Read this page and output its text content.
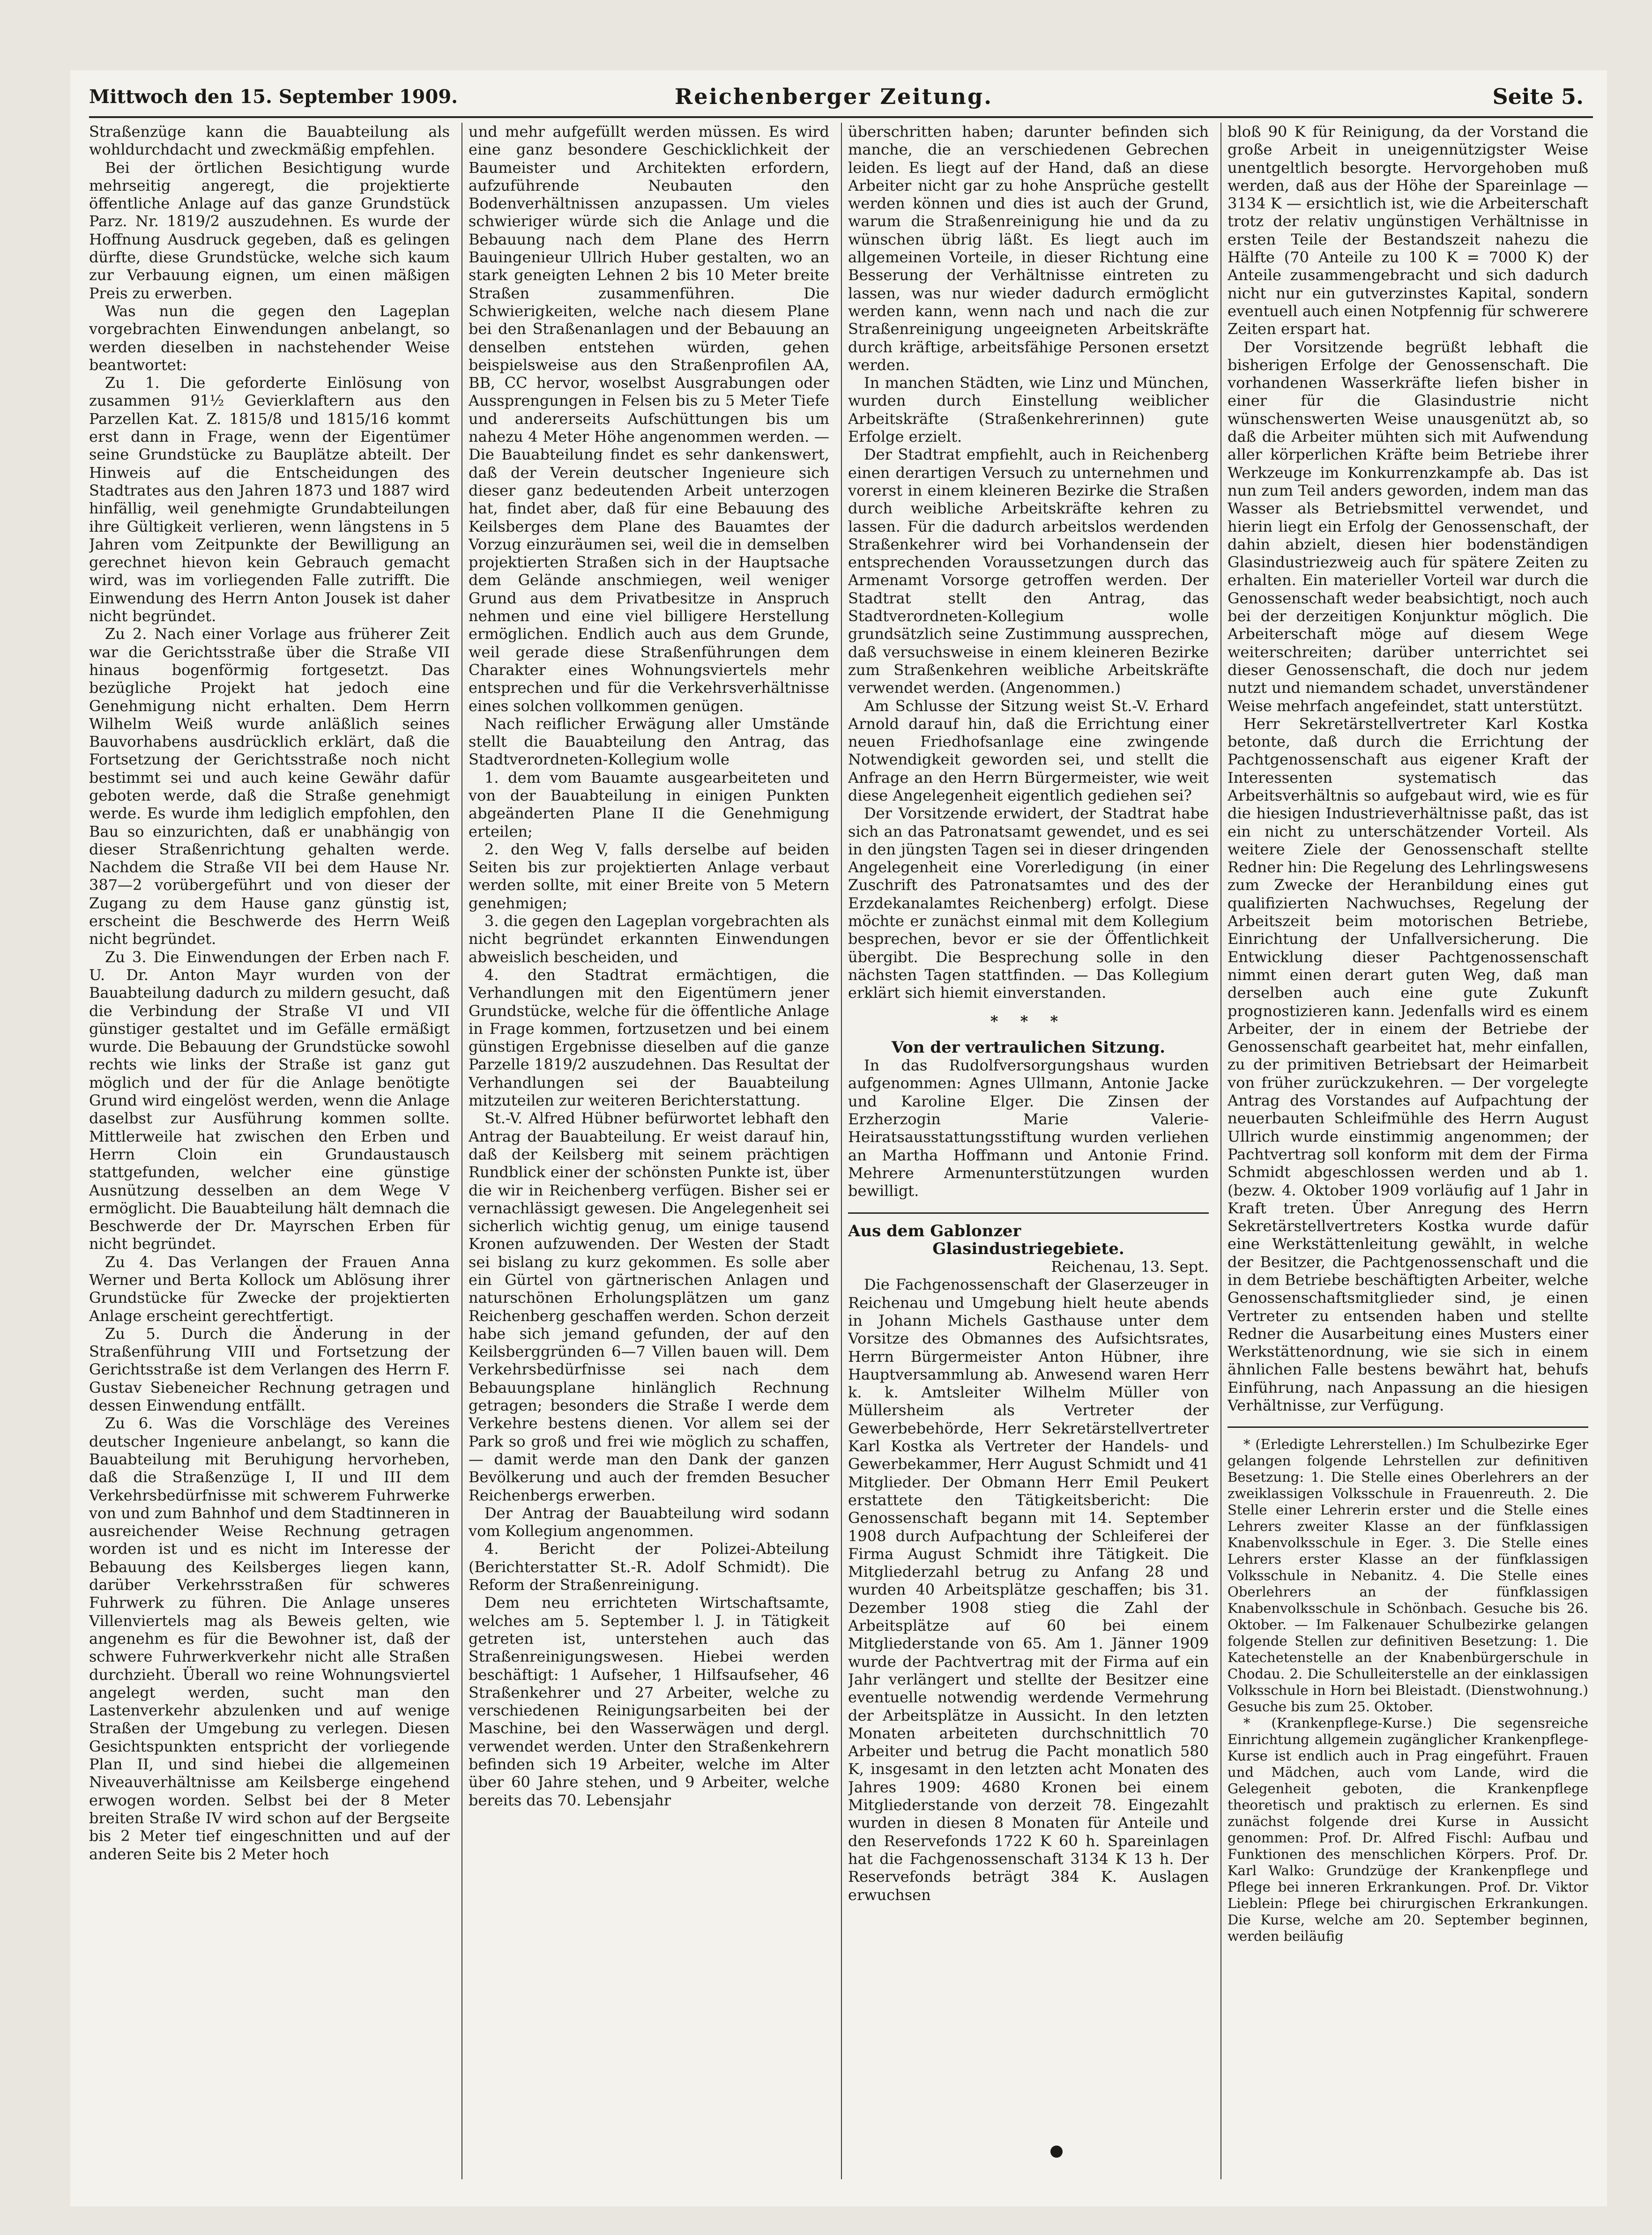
Mittwoch den 15. September 1909.	Reichenberger Zeitung.	Seite 5.

Straßenzüge kann die Bauabteilung als wohldurchdacht und zweckmäßig empfehlen.

Bei der örtlichen Besichtigung wurde mehrseitig angeregt, die projektierte öffentliche Anlage auf das ganze Grundstück Parz. Nr. 1819/2 auszudehnen. Es wurde der Hoffnung Ausdruck gegeben, daß es gelingen dürfte, diese Grundstücke, welche sich kaum zur Verbauung eignen, um einen mäßigen Preis zu erwerben.

Was nun die gegen den Lageplan vorgebrachten Einwendungen anbelangt, so werden dieselben in nachstehender Weise beantwortet:

Zu 1. Die geforderte Einlösung von zusammen 91½ Gevierklaftern aus den Parzellen Kat. Z. 1815/8 und 1815/16 kommt erst dann in Frage, wenn der Eigentümer seine Grundstücke zu Bauplätze abteilt. Der Hinweis auf die Entscheidungen des Stadtrates aus den Jahren 1873 und 1887 wird hinfällig, weil genehmigte Grundabteilungen ihre Gültigkeit verlieren, wenn längstens in 5 Jahren vom Zeitpunkte der Bewilligung an gerechnet hievon kein Gebrauch gemacht wird, was im vorliegenden Falle zutrifft. Die Einwendung des Herrn Anton Jousek ist daher nicht begründet.

Zu 2. Nach einer Vorlage aus früherer Zeit war die Gerichtsstraße über die Straße VII hinaus bogenförmig fortgesetzt. Das bezügliche Projekt hat jedoch eine Genehmigung nicht erhalten. Dem Herrn Wilhelm Weiß wurde anläßlich seines Bauvorhabens ausdrücklich erklärt, daß die Fortsetzung der Gerichtsstraße noch nicht bestimmt sei und auch keine Gewähr dafür geboten werde, daß die Straße genehmigt werde. Es wurde ihm lediglich empfohlen, den Bau so einzurichten, daß er unabhängig von dieser Straßenrichtung gehalten werde. Nachdem die Straße VII bei dem Hause Nr. 387—2 vorübergeführt und von dieser der Zugang zu dem Hause ganz günstig ist, erscheint die Beschwerde des Herrn Weiß nicht begründet.

Zu 3. Die Einwendungen der Erben nach F. U. Dr. Anton Mayr wurden von der Bauabteilung dadurch zu mildern gesucht, daß die Verbindung der Straße VI und VII günstiger gestaltet und im Gefälle ermäßigt wurde. Die Bebauung der Grundstücke sowohl rechts wie links der Straße ist ganz gut möglich und der für die Anlage benötigte Grund wird eingelöst werden, wenn die Anlage daselbst zur Ausführung kommen sollte. Mittlerweile hat zwischen den Erben und Herrn Cloin ein Grundaustausch stattgefunden, welcher eine günstige Ausnützung desselben an dem Wege V ermöglicht. Die Bauabteilung hält demnach die Beschwerde der Dr. Mayrschen Erben für nicht begründet.

Zu 4. Das Verlangen der Frauen Anna Werner und Berta Kollock um Ablösung ihrer Grundstücke für Zwecke der projektierten Anlage erscheint gerechtfertigt.

Zu 5. Durch die Änderung in der Straßenführung VIII und Fortsetzung der Gerichtsstraße ist dem Verlangen des Herrn F. Gustav Siebeneicher Rechnung getragen und dessen Einwendung entfällt.

Zu 6. Was die Vorschläge des Vereines deutscher Ingenieure anbelangt, so kann die Bauabteilung mit Beruhigung hervorheben, daß die Straßenzüge I, II und III dem Verkehrsbedürfnisse mit schwerem Fuhrwerke von und zum Bahnhof und dem Stadtinneren in ausreichender Weise Rechnung getragen worden ist und es nicht im Interesse der Bebauung des Keilsberges liegen kann, darüber Verkehrsstraßen für schweres Fuhrwerk zu führen. Die Anlage unseres Villenviertels mag als Beweis gelten, wie angenehm es für die Bewohner ist, daß der schwere Fuhrwerkverkehr nicht alle Straßen durchzieht. Überall wo reine Wohnungsviertel angelegt werden, sucht man den Lastenverkehr abzulenken und auf wenige Straßen der Umgebung zu verlegen. Diesen Gesichtspunkten entspricht der vorliegende Plan II, und sind hiebei die allgemeinen Niveauverhältnisse am Keilsberge eingehend erwogen worden. Selbst bei der 8 Meter breiten Straße IV wird schon auf der Bergseite bis 2 Meter tief eingeschnitten und auf der anderen Seite bis 2 Meter hoch

und mehr aufgefüllt werden müssen. Es wird eine ganz besondere Geschicklichkeit der Baumeister und Architekten erfordern, aufzuführende Neubauten den Bodenverhältnissen anzupassen. Um vieles schwieriger würde sich die Anlage und die Bebauung nach dem Plane des Herrn Bauingenieur Ullrich Huber gestalten, wo an stark geneigten Lehnen 2 bis 10 Meter breite Straßen zusammenführen. Die Schwierigkeiten, welche nach diesem Plane bei den Straßenanlagen und der Bebauung an denselben entstehen würden, gehen beispielsweise aus den Straßenprofilen AA, BB, CC hervor, woselbst Ausgrabungen oder Aussprengungen in Felsen bis zu 5 Meter Tiefe und andererseits Aufschüttungen bis um nahezu 4 Meter Höhe angenommen werden. — Die Bauabteilung findet es sehr dankenswert, daß der Verein deutscher Ingenieure sich dieser ganz bedeutenden Arbeit unterzogen hat, findet aber, daß für eine Bebauung des Keilsberges dem Plane des Bauamtes der Vorzug einzuräumen sei, weil die in demselben projektierten Straßen sich in der Hauptsache dem Gelände anschmiegen, weil weniger Grund aus dem Privatbesitze in Anspruch nehmen und eine viel billigere Herstellung ermöglichen. Endlich auch aus dem Grunde, weil gerade diese Straßenführungen dem Charakter eines Wohnungsviertels mehr entsprechen und für die Verkehrsverhältnisse eines solchen vollkommen genügen.

Nach reiflicher Erwägung aller Umstände stellt die Bauabteilung den Antrag, das Stadtverordneten-Kollegium wolle

1. dem vom Bauamte ausgearbeiteten und von der Bauabteilung in einigen Punkten abgeänderten Plane II die Genehmigung erteilen;

2. den Weg V, falls derselbe auf beiden Seiten bis zur projektierten Anlage verbaut werden sollte, mit einer Breite von 5 Metern genehmigen;

3. die gegen den Lageplan vorgebrachten als nicht begründet erkannten Einwendungen abweislich bescheiden, und

4. den Stadtrat ermächtigen, die Verhandlungen mit den Eigentümern jener Grundstücke, welche für die öffentliche Anlage in Frage kommen, fortzusetzen und bei einem günstigen Ergebnisse dieselben auf die ganze Parzelle 1819/2 auszudehnen. Das Resultat der Verhandlungen sei der Bauabteilung mitzuteilen zur weiteren Berichterstattung.

St.-V. Alfred Hübner befürwortet lebhaft den Antrag der Bauabteilung. Er weist darauf hin, daß der Keilsberg mit seinem prächtigen Rundblick einer der schönsten Punkte ist, über die wir in Reichenberg verfügen. Bisher sei er vernachlässigt gewesen. Die Angelegenheit sei sicherlich wichtig genug, um einige tausend Kronen aufzuwenden. Der Westen der Stadt sei bislang zu kurz gekommen. Es solle aber ein Gürtel von gärtnerischen Anlagen und naturschönen Erholungsplätzen um ganz Reichenberg geschaffen werden. Schon derzeit habe sich jemand gefunden, der auf den Keilsberggründen 6—7 Villen bauen will. Dem Verkehrsbedürfnisse sei nach dem Bebauungsplane hinlänglich Rechnung getragen; besonders die Straße I werde dem Verkehre bestens dienen. Vor allem sei der Park so groß und frei wie möglich zu schaffen, — damit werde man den Dank der ganzen Bevölkerung und auch der fremden Besucher Reichenbergs erwerben.

Der Antrag der Bauabteilung wird sodann vom Kollegium angenommen.

4. Bericht der Polizei-Abteilung (Berichterstatter St.-R. Adolf Schmidt). Die Reform der Straßenreinigung.

Dem neu errichteten Wirtschaftsamte, welches am 5. September l. J. in Tätigkeit getreten ist, unterstehen auch das Straßenreinigungswesen. Hiebei werden beschäftigt: 1 Aufseher, 1 Hilfsaufseher, 46 Straßenkehrer und 27 Arbeiter, welche zu verschiedenen Reinigungsarbeiten bei der Maschine, bei den Wasserwägen und dergl. verwendet werden. Unter den Straßenkehrern befinden sich 19 Arbeiter, welche im Alter über 60 Jahre stehen, und 9 Arbeiter, welche bereits das 70. Lebensjahr

überschritten haben; darunter befinden sich manche, die an verschiedenen Gebrechen leiden. Es liegt auf der Hand, daß an diese Arbeiter nicht gar zu hohe Ansprüche gestellt werden können und dies ist auch der Grund, warum die Straßenreinigung hie und da zu wünschen übrig läßt. Es liegt auch im allgemeinen Vorteile, in dieser Richtung eine Besserung der Verhältnisse eintreten zu lassen, was nur wieder dadurch ermöglicht werden kann, wenn nach und nach die zur Straßenreinigung ungeeigneten Arbeitskräfte durch kräftige, arbeitsfähige Personen ersetzt werden.

In manchen Städten, wie Linz und München, wurden durch Einstellung weiblicher Arbeitskräfte (Straßenkehrerinnen) gute Erfolge erzielt.

Der Stadtrat empfiehlt, auch in Reichenberg einen derartigen Versuch zu unternehmen und vorerst in einem kleineren Bezirke die Straßen durch weibliche Arbeitskräfte kehren zu lassen. Für die dadurch arbeitslos werdenden Straßenkehrer wird bei Vorhandensein der entsprechenden Voraussetzungen durch das Armenamt Vorsorge getroffen werden. Der Stadtrat stellt den Antrag, das Stadtverordneten-Kollegium wolle grundsätzlich seine Zustimmung aussprechen, daß versuchsweise in einem kleineren Bezirke zum Straßenkehren weibliche Arbeitskräfte verwendet werden. (Angenommen.)

Am Schlusse der Sitzung weist St.-V. Erhard Arnold darauf hin, daß die Errichtung einer neuen Friedhofsanlage eine zwingende Notwendigkeit geworden sei, und stellt die Anfrage an den Herrn Bürgermeister, wie weit diese Angelegenheit eigentlich gediehen sei?

Der Vorsitzende erwidert, der Stadtrat habe sich an das Patronatsamt gewendet, und es sei in den jüngsten Tagen sei in dieser dringenden Angelegenheit eine Vorerledigung (in einer Zuschrift des Patronatsamtes und des der Erzdekanalamtes Reichenberg) erfolgt. Diese möchte er zunächst einmal mit dem Kollegium besprechen, bevor er sie der Öffentlichkeit übergibt. Die Besprechung solle in den nächsten Tagen stattfinden. — Das Kollegium erklärt sich hiemit einverstanden.

* * *

Von der vertraulichen Sitzung.

In das Rudolfversorgungshaus wurden aufgenommen: Agnes Ullmann, Antonie Jacke und Karoline Elger. Die Zinsen der Erzherzogin Marie Valerie-Heiratsausstattungsstiftung wurden verliehen an Martha Hoffmann und Antonie Frind. Mehrere Armenunterstützungen wurden bewilligt.

Aus dem Gablonzer

Glasindustriegebiete.

Reichenau, 13. Sept.

Die Fachgenossenschaft der Glaserzeuger in Reichenau und Umgebung hielt heute abends in Johann Michels Gasthause unter dem Vorsitze des Obmannes des Aufsichtsrates, Herrn Bürgermeister Anton Hübner, ihre Hauptversammlung ab. Anwesend waren Herr k. k. Amtsleiter Wilhelm Müller von Müllersheim als Vertreter der Gewerbebehörde, Herr Sekretärstellvertreter Karl Kostka als Vertreter der Handels- und Gewerbekammer, Herr August Schmidt und 41 Mitglieder. Der Obmann Herr Emil Peukert erstattete den Tätigkeitsbericht: Die Genossenschaft begann mit 14. September 1908 durch Aufpachtung der Schleiferei der Firma August Schmidt ihre Tätigkeit. Die Mitgliederzahl betrug zu Anfang 28 und wurden 40 Arbeitsplätze geschaffen; bis 31. Dezember 1908 stieg die Zahl der Arbeitsplätze auf 60 bei einem Mitgliederstande von 65. Am 1. Jänner 1909 wurde der Pachtvertrag mit der Firma auf ein Jahr verlängert und stellte der Besitzer eine eventuelle notwendig werdende Vermehrung der Arbeitsplätze in Aussicht. In den letzten Monaten arbeiteten durchschnittlich 70 Arbeiter und betrug die Pacht monatlich 580 K, insgesamt in den letzten acht Monaten des Jahres 1909: 4680 Kronen bei einem Mitgliederstande von derzeit 78. Eingezahlt wurden in diesen 8 Monaten für Anteile und den Reservefonds 1722 K 60 h. Spareinlagen hat die Fachgenossenschaft 3134 K 13 h. Der Reservefonds beträgt 384 K. Auslagen erwuchsen

bloß 90 K für Reinigung, da der Vorstand die große Arbeit in uneigennützigster Weise unentgeltlich besorgte. Hervorgehoben muß werden, daß aus der Höhe der Spareinlage — 3134 K — ersichtlich ist, wie die Arbeiterschaft trotz der relativ ungünstigen Verhältnisse in ersten Teile der Bestandszeit nahezu die Hälfte (70 Anteile zu 100 K = 7000 K) der Anteile zusammengebracht und sich dadurch nicht nur ein gutverzinstes Kapital, sondern eventuell auch einen Notpfennig für schwerere Zeiten erspart hat.

Der Vorsitzende begrüßt lebhaft die bisherigen Erfolge der Genossenschaft. Die vorhandenen Wasserkräfte liefen bisher in einer für die Glasindustrie nicht wünschenswerten Weise unausgenützt ab, so daß die Arbeiter mühten sich mit Aufwendung aller körperlichen Kräfte beim Betriebe ihrer Werkzeuge im Konkurrenzkampfe ab. Das ist nun zum Teil anders geworden, indem man das Wasser als Betriebsmittel verwendet, und hierin liegt ein Erfolg der Genossenschaft, der dahin abzielt, diesen hier bodenständigen Glasindustriezweig auch für spätere Zeiten zu erhalten. Ein materieller Vorteil war durch die Genossenschaft weder beabsichtigt, noch auch bei der derzeitigen Konjunktur möglich. Die Arbeiterschaft möge auf diesem Wege weiterschreiten; darüber unterrichtet sei dieser Genossenschaft, die doch nur jedem nutzt und niemandem schadet, unverständener Weise mehrfach angefeindet, statt unterstützt.

Herr Sekretärstellvertreter Karl Kostka betonte, daß durch die Errichtung der Pachtgenossenschaft aus eigener Kraft der Interessenten systematisch das Arbeitsverhältnis so aufgebaut wird, wie es für die hiesigen Industrieverhältnisse paßt, das ist ein nicht zu unterschätzender Vorteil. Als weitere Ziele der Genossenschaft stellte Redner hin: Die Regelung des Lehrlingswesens zum Zwecke der Heranbildung eines gut qualifizierten Nachwuchses, Regelung der Arbeitszeit beim motorischen Betriebe, Einrichtung der Unfallversicherung. Die Entwicklung dieser Pachtgenossenschaft nimmt einen derart guten Weg, daß man derselben auch eine gute Zukunft prognostizieren kann. Jedenfalls wird es einem Arbeiter, der in einem der Betriebe der Genossenschaft gearbeitet hat, mehr einfallen, zu der primitiven Betriebsart der Heimarbeit von früher zurückzukehren. — Der vorgelegte Antrag des Vorstandes auf Aufpachtung der neuerbauten Schleifmühle des Herrn August Ullrich wurde einstimmig angenommen; der Pachtvertrag soll konform mit dem der Firma Schmidt abgeschlossen werden und ab 1. (bezw. 4. Oktober 1909 vorläufig auf 1 Jahr in Kraft treten. Über Anregung des Herrn Sekretärstellvertreters Kostka wurde dafür eine Werkstättenleitung gewählt, in welche der Besitzer, die Pachtgenossenschaft und die in dem Betriebe beschäftigten Arbeiter, welche Genossenschaftsmitglieder sind, je einen Vertreter zu entsenden haben und stellte Redner die Ausarbeitung eines Musters einer Werkstättenordnung, wie sie sich in einem ähnlichen Falle bestens bewährt hat, behufs Einführung, nach Anpassung an die hiesigen Verhältnisse, zur Verfügung.

* (Erledigte Lehrerstellen.) Im Schulbezirke Eger gelangen folgende Lehrstellen zur definitiven Besetzung: 1. Die Stelle eines Oberlehrers an der zweiklassigen Volksschule in Frauenreuth. 2. Die Stelle einer Lehrerin erster und die Stelle eines Lehrers zweiter Klasse an der fünfklassigen Knabenvolksschule in Eger. 3. Die Stelle eines Lehrers erster Klasse an der fünfklassigen Volksschule in Nebanitz. 4. Die Stelle eines Oberlehrers an der fünfklassigen Knabenvolksschule in Schönbach. Gesuche bis 26. Oktober. — Im Falkenauer Schulbezirke gelangen folgende Stellen zur definitiven Besetzung: 1. Die Katechetenstelle an der Knabenbürgerschule in Chodau. 2. Die Schulleiterstelle an der einklassigen Volksschule in Horn bei Bleistadt. (Dienstwohnung.) Gesuche bis zum 25. Oktober.

* (Krankenpflege-Kurse.) Die segensreiche Einrichtung allgemein zugänglicher Krankenpflege-Kurse ist endlich auch in Prag eingeführt. Frauen und Mädchen, auch vom Lande, wird die Gelegenheit geboten, die Krankenpflege theoretisch und praktisch zu erlernen. Es sind zunächst folgende drei Kurse in Aussicht genommen: Prof. Dr. Alfred Fischl: Aufbau und Funktionen des menschlichen Körpers. Prof. Dr. Karl Walko: Grundzüge der Krankenpflege und Pflege bei inneren Erkrankungen. Prof. Dr. Viktor Lieblein: Pflege bei chirurgischen Erkrankungen. Die Kurse, welche am 20. September beginnen, werden beiläufig
